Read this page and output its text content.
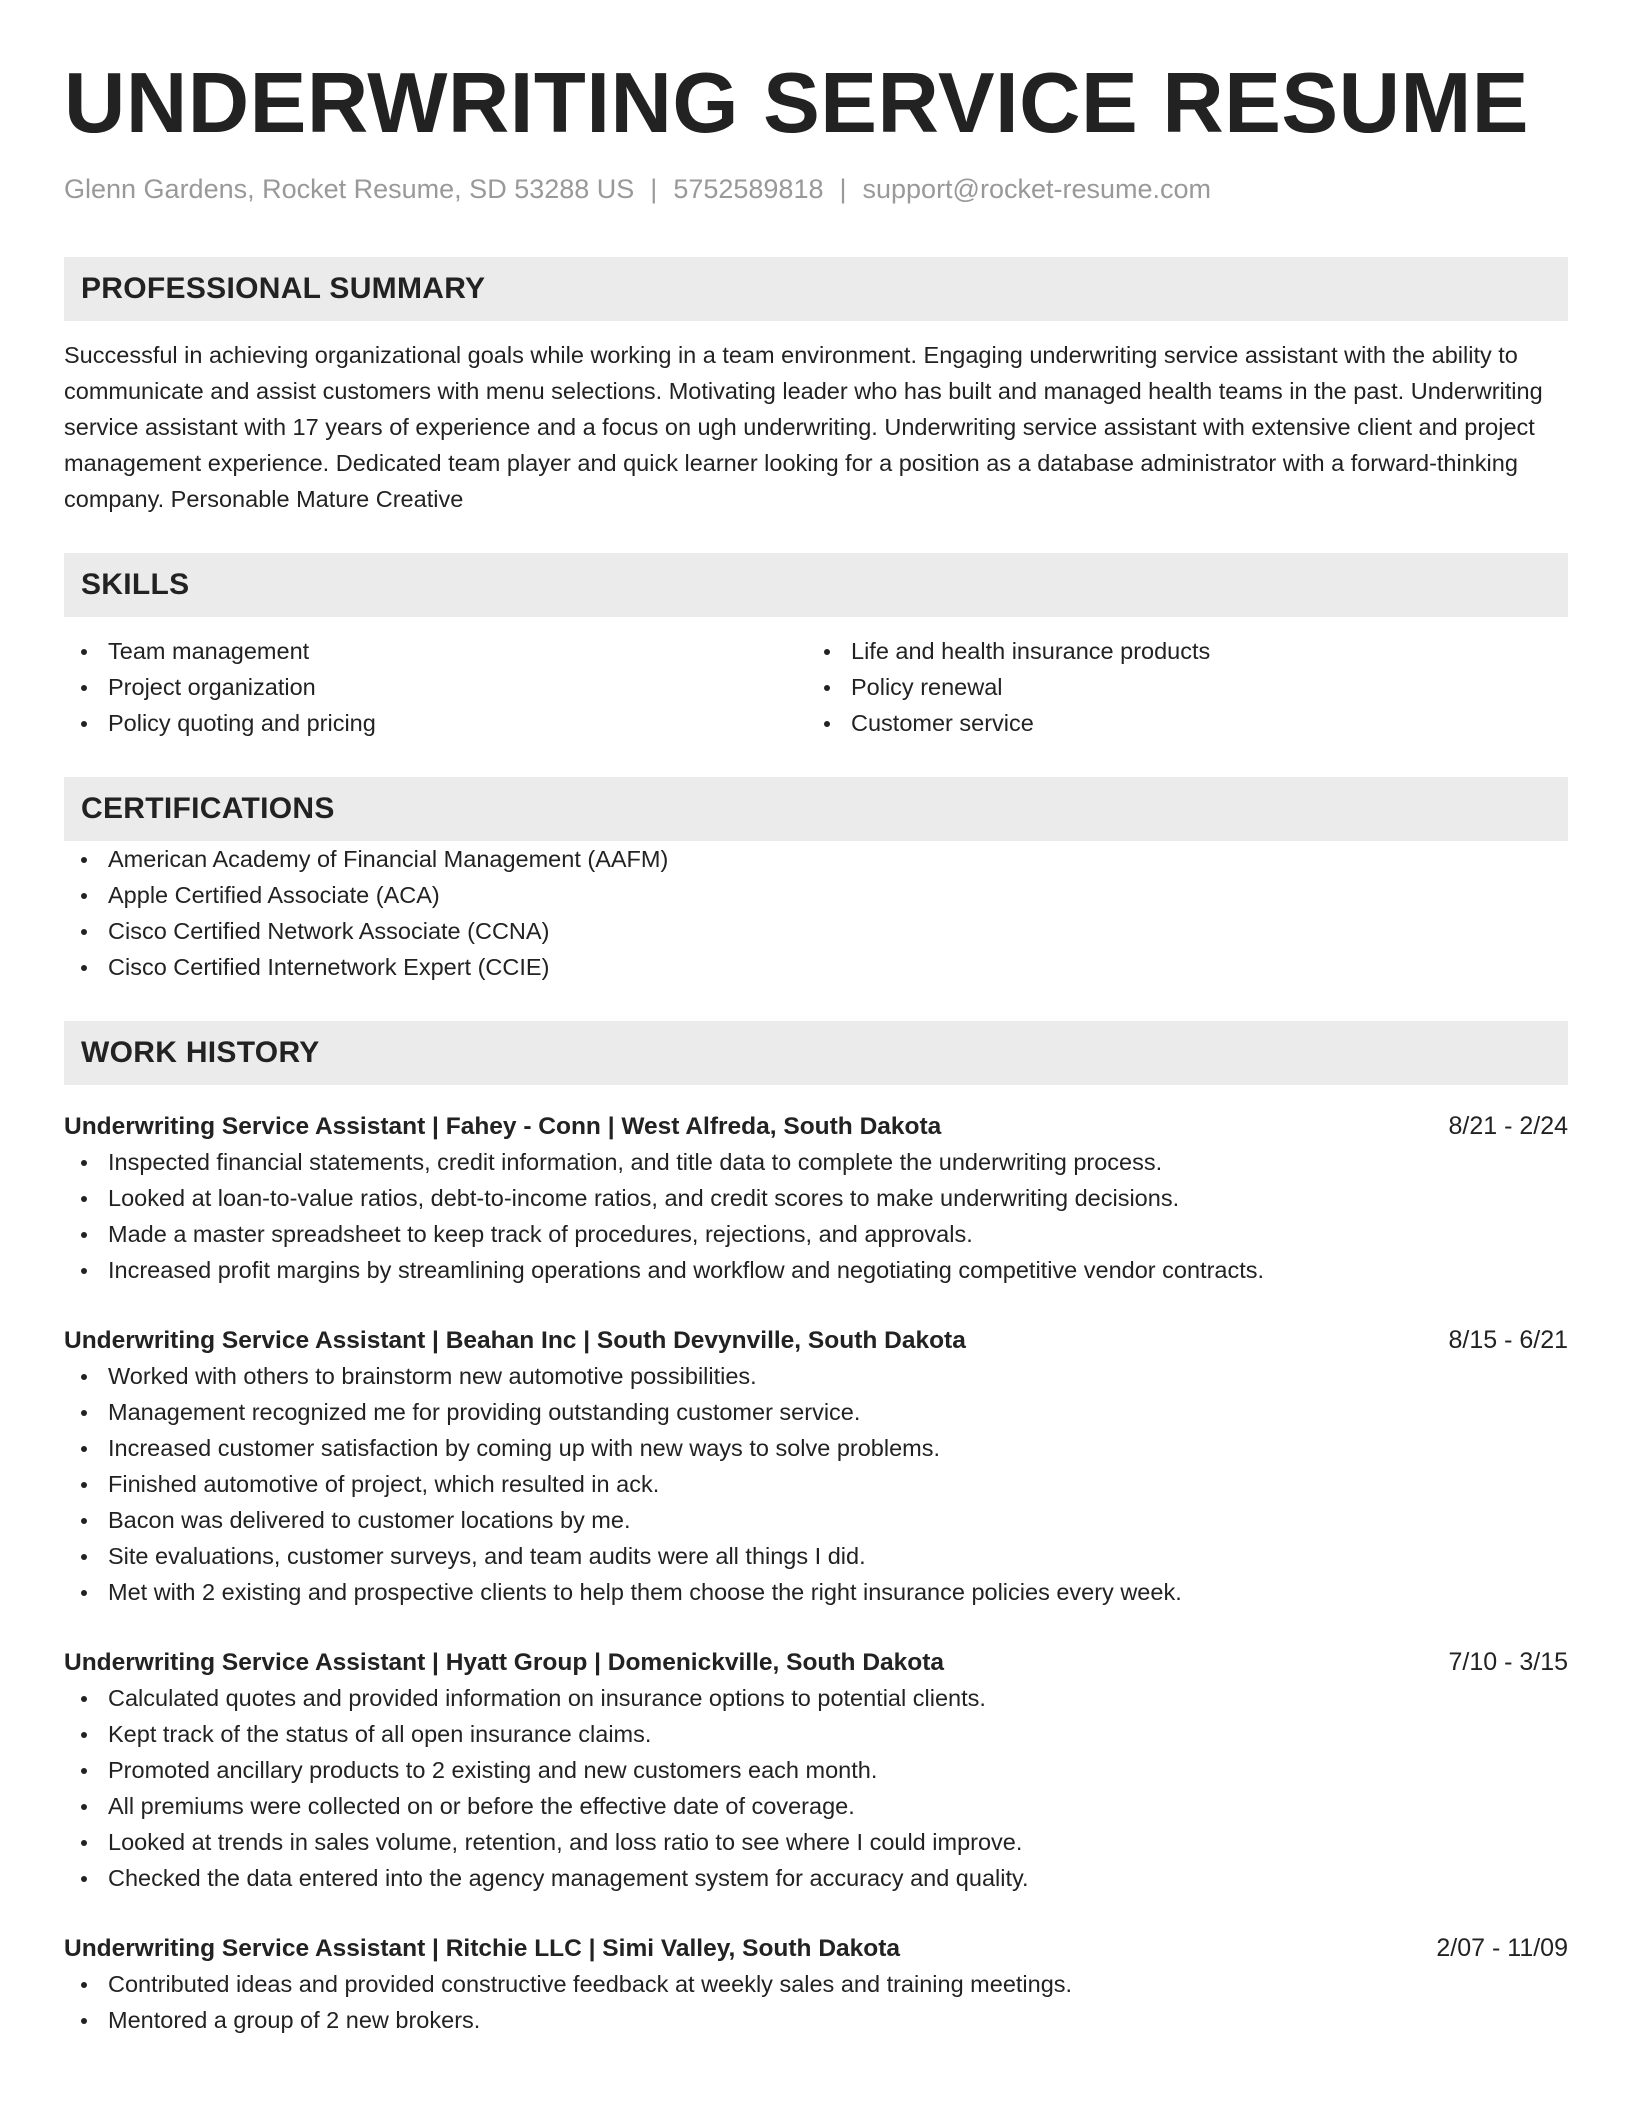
UNDERWRITING SERVICE RESUME
Glenn Gardens, Rocket Resume, SD 53288 US | 5752589818 | support@rocket-resume.com
PROFESSIONAL SUMMARY

Successful in achieving organizational goals while working in a team environment. Engaging underwriting service assistant with the ability to communicate and assist customers with menu selections. Motivating leader who has built and managed health teams in the past. Underwriting service assistant with 17 years of experience and a focus on ugh underwriting. Underwriting service assistant with extensive client and project management experience. Dedicated team player and quick learner looking for a position as a database administrator with a forward-thinking company. Personable Mature Creative

SKILLS
Team management
Project organization
Policy quoting and pricing
Life and health insurance products
Policy renewal
Customer service
CERTIFICATIONS
American Academy of Financial Management (AAFM)
Apple Certified Associate (ACA)
Cisco Certified Network Associate (CCNA)
Cisco Certified Internetwork Expert (CCIE)
WORK HISTORY
Underwriting Service Assistant | Fahey - Conn | West Alfreda, South Dakota	8/21 - 2/24
Inspected financial statements, credit information, and title data to complete the underwriting process.
Looked at loan-to-value ratios, debt-to-income ratios, and credit scores to make underwriting decisions.
Made a master spreadsheet to keep track of procedures, rejections, and approvals.
Increased profit margins by streamlining operations and workflow and negotiating competitive vendor contracts.
Underwriting Service Assistant | Beahan Inc | South Devynville, South Dakota	8/15 - 6/21
Worked with others to brainstorm new automotive possibilities.
Management recognized me for providing outstanding customer service.
Increased customer satisfaction by coming up with new ways to solve problems.
Finished automotive of project, which resulted in ack.
Bacon was delivered to customer locations by me.
Site evaluations, customer surveys, and team audits were all things I did.
Met with 2 existing and prospective clients to help them choose the right insurance policies every week.
Underwriting Service Assistant | Hyatt Group | Domenickville, South Dakota	7/10 - 3/15
Calculated quotes and provided information on insurance options to potential clients.
Kept track of the status of all open insurance claims.
Promoted ancillary products to 2 existing and new customers each month.
All premiums were collected on or before the effective date of coverage.
Looked at trends in sales volume, retention, and loss ratio to see where I could improve.
Checked the data entered into the agency management system for accuracy and quality.
Underwriting Service Assistant | Ritchie LLC | Simi Valley, South Dakota	2/07 - 11/09
Contributed ideas and provided constructive feedback at weekly sales and training meetings.
Mentored a group of 2 new brokers.
